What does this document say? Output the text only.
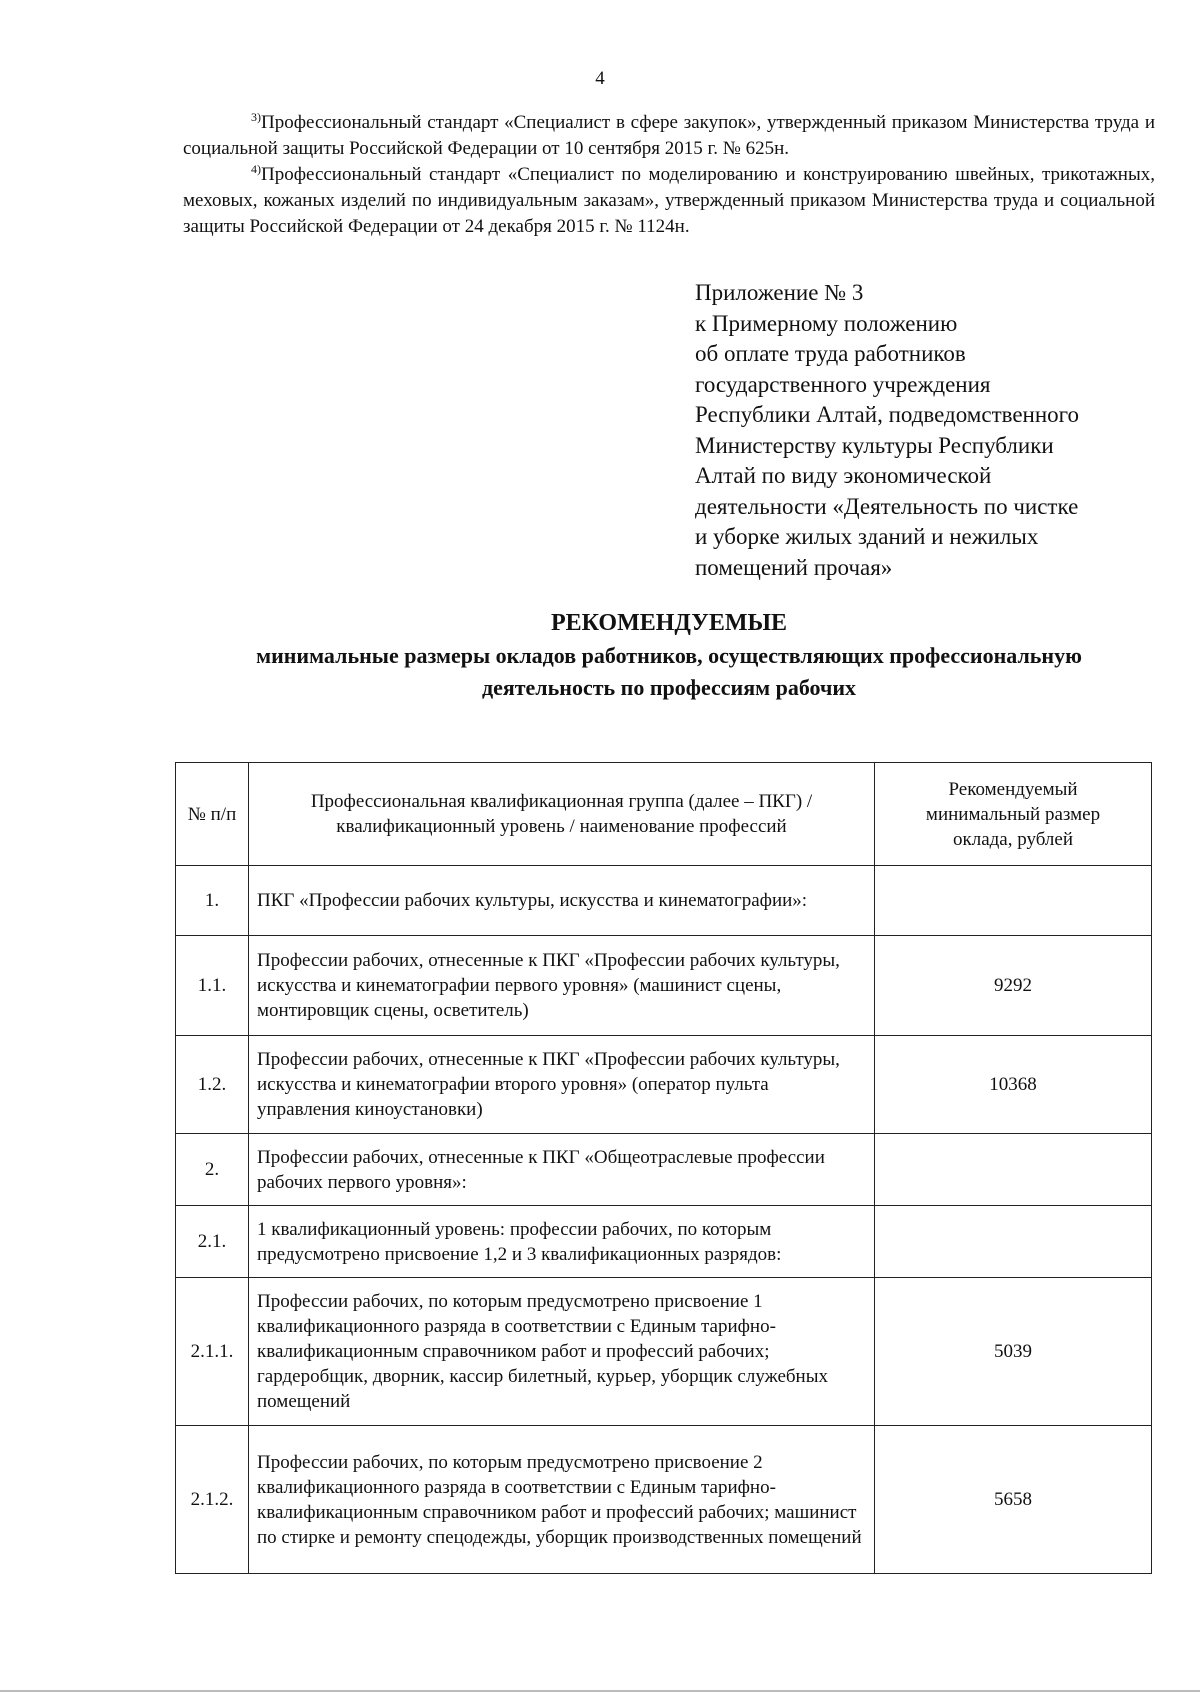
4

$^{3)}$Профессиональный стандарт «Специалист в сфере закупок», утвержденный приказом Министерства труда и социальной защиты Российской Федерации от 10 сентября 2015 г. № 625н.

$^{4)}$Профессиональный стандарт «Специалист по моделированию и конструированию швейных, трикотажных, меховых, кожаных изделий по индивидуальным заказам», утвержденный приказом Министерства труда и социальной защиты Российской Федерации от 24 декабря 2015 г. № 1124н.

Приложение № 3
к Примерному положению
об оплате труда работников
государственного учреждения
Республики Алтай, подведомственного
Министерству культуры Республики
Алтай по виду экономической
деятельности «Деятельность по чистке
и уборке жилых зданий и нежилых
помещений прочая»
РЕКОМЕНДУЕМЫЕ
минимальные размеры окладов работников, осуществляющих профессиональную
деятельность по профессиям рабочих
№ п/п	Профессиональная квалификационная группа (далее – ПКГ) / квалификационный уровень / наименование профессий	Рекомендуемый минимальный размер оклада, рублей
1.	ПКГ «Профессии рабочих культуры, искусства и кинематографии»:	
1.1.	Профессии рабочих, отнесенные к ПКГ «Профессии рабочих культуры, искусства и кинематографии первого уровня» (машинист сцены, монтировщик сцены, осветитель)	9292
1.2.	Профессии рабочих, отнесенные к ПКГ «Профессии рабочих культуры, искусства и кинематографии второго уровня» (оператор пульта управления киноустановки)	10368
2.	Профессии рабочих, отнесенные к ПКГ «Общеотраслевые профессии рабочих первого уровня»:	
2.1.	1 квалификационный уровень: профессии рабочих, по которым предусмотрено присвоение 1,2 и 3 квалификационных разрядов:	
2.1.1.	Профессии рабочих, по которым предусмотрено присвоение 1 квалификационного разряда в соответствии с Единым тарифно-квалификационным справочником работ и профессий рабочих; гардеробщик, дворник, кассир билетный, курьер, уборщик служебных помещений	5039
2.1.2.	Профессии рабочих, по которым предусмотрено присвоение 2 квалификационного разряда в соответствии с Единым тарифно-квалификационным справочником работ и профессий рабочих; машинист по стирке и ремонту спецодежды, уборщик производственных помещений	5658
